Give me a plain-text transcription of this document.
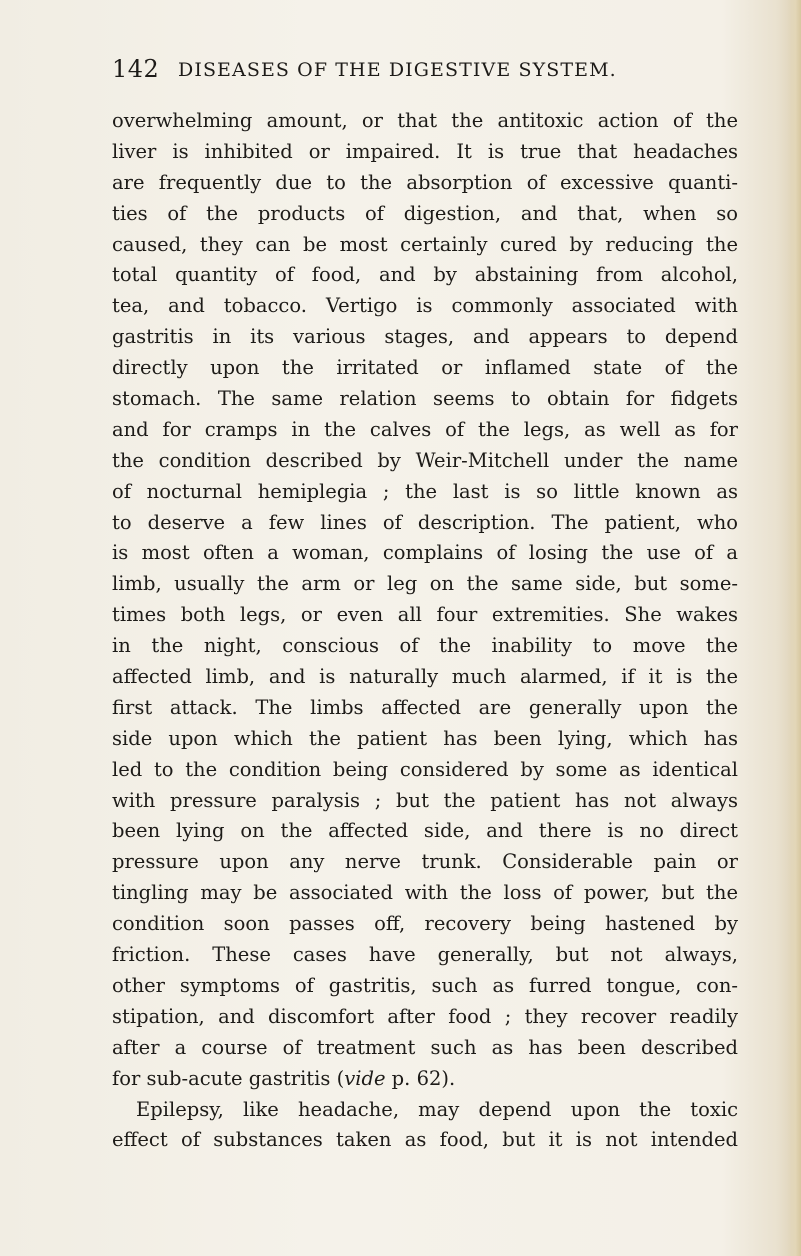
142 DISEASES OF THE DIGESTIVE SYSTEM.
overwhelming amount, or that the antitoxic action of the
liver is inhibited or impaired. It is true that headaches
are frequently due to the absorption of excessive quanti-
ties of the products of digestion, and that, when so
caused, they can be most certainly cured by reducing the
total quantity of food, and by abstaining from alcohol,
tea, and tobacco. Vertigo is commonly associated with
gastritis in its various stages, and appears to depend
directly upon the irritated or inflamed state of the
stomach. The same relation seems to obtain for fidgets
and for cramps in the calves of the legs, as well as for
the condition described by Weir-Mitchell under the name
of nocturnal hemiplegia ; the last is so little known as
to deserve a few lines of description. The patient, who
is most often a woman, complains of losing the use of a
limb, usually the arm or leg on the same side, but some-
times both legs, or even all four extremities. She wakes
in the night, conscious of the inability to move the
affected limb, and is naturally much alarmed, if it is the
first attack. The limbs affected are generally upon the
side upon which the patient has been lying, which has
led to the condition being considered by some as identical
with pressure paralysis ; but the patient has not always
been lying on the affected side, and there is no direct
pressure upon any nerve trunk. Considerable pain or
tingling may be associated with the loss of power, but the
condition soon passes off, recovery being hastened by
friction. These cases have generally, but not always,
other symptoms of gastritis, such as furred tongue, con-
stipation, and discomfort after food ; they recover readily
after a course of treatment such as has been described
for sub-acute gastritis (vide p. 62).
Epilepsy, like headache, may depend upon the toxic
effect of substances taken as food, but it is not intended
